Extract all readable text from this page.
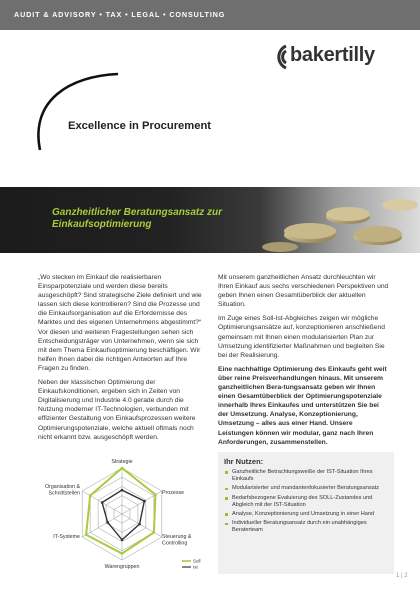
AUDIT & ADVISORY • TAX • LEGAL • CONSULTING
bakertilly
Excellence in Procurement
Ganzheitlicher Beratungsansatz zur
Einkaufsoptimierung

„Wo stecken im Einkauf die realisierbaren Einsparpotenziale und werden diese bereits ausgeschöpft? Sind strategische Ziele definiert und wie lassen sich diese kontrollieren? Sind die Prozesse und die Einkaufsorganisation auf die Erfordernisse des Marktes und des eigenen Unternehmens abgestimmt?“ Vor diesen und weiteren Fragestellungen sehen sich Entscheidungsträger von Unternehmen, wenn sie sich mit dem Thema Einkaufsoptimierung beschäftigen. Wir helfen Ihnen dabei die richtigen Antworten auf Ihre Fragen zu finden.

Neben der klassischen Optimierung der Einkaufskonditionen, ergeben sich in Zeiten von Digitalisierung und Industrie 4.0 gerade durch die Nutzung moderner IT-Technologien, verbunden mit effizienter Gestaltung von Einkaufsprozessen weitere Optimierungspotenziale, welche aktuell oftmals noch nicht erkannt bzw. ausgeschöpft werden.

Mit unserem ganzheitlichen Ansatz durchleuchten wir Ihren Einkauf aus sechs verschiedenen Perspektiven und geben Ihnen einen Gesamtüberblick der aktuellen Situation.

Im Zuge eines Soll-Ist-Abgleiches zeigen wir mögliche Optimierungsansätze auf, konzeptionieren anschließend gemeinsam mit Ihnen einen modularisierten Plan zur Umsetzung identifizierter Maßnahmen und begleiten Sie bei der Realisierung.

Eine nachhaltige Optimierung des Einkaufs geht weit über reine Preisverhandlungen hinaus. Mit unserem ganzheitlichen Bera-tungsansatz geben wir Ihnen einen Gesamtüberblick der Optimierungspotenziale innerhalb Ihres Einkaufes und unterstützen Sie bei der Umsetzung. Analyse, Konzeptionierung, Umsetzung – alles aus einer Hand. Unsere Leistungen können wir modular, ganz nach Ihren Anforderungen, zusammenstellen.

Strategie
Prozesse
Steuerung &
Controlling
Warengruppen
IT-Systeme
Organisation &
Schnittstellen
Soll
Ist
Ihr Nutzen:
Ganzheitliche Betrachtungsweiße der IST-Situation Ihres Einkaufs
Modularisierter und mandantenfokusierter Beratungsansatz
Bedarfsbezogene Evaluierung des SOLL-Zustandes und Abgleich mit der IST-Situation
Analyse, Konzeptionierung und Umsetzung in einer Hand
Individueller Beratungsansatz durch ein unabhängiges Beraterteam
1 | 2
